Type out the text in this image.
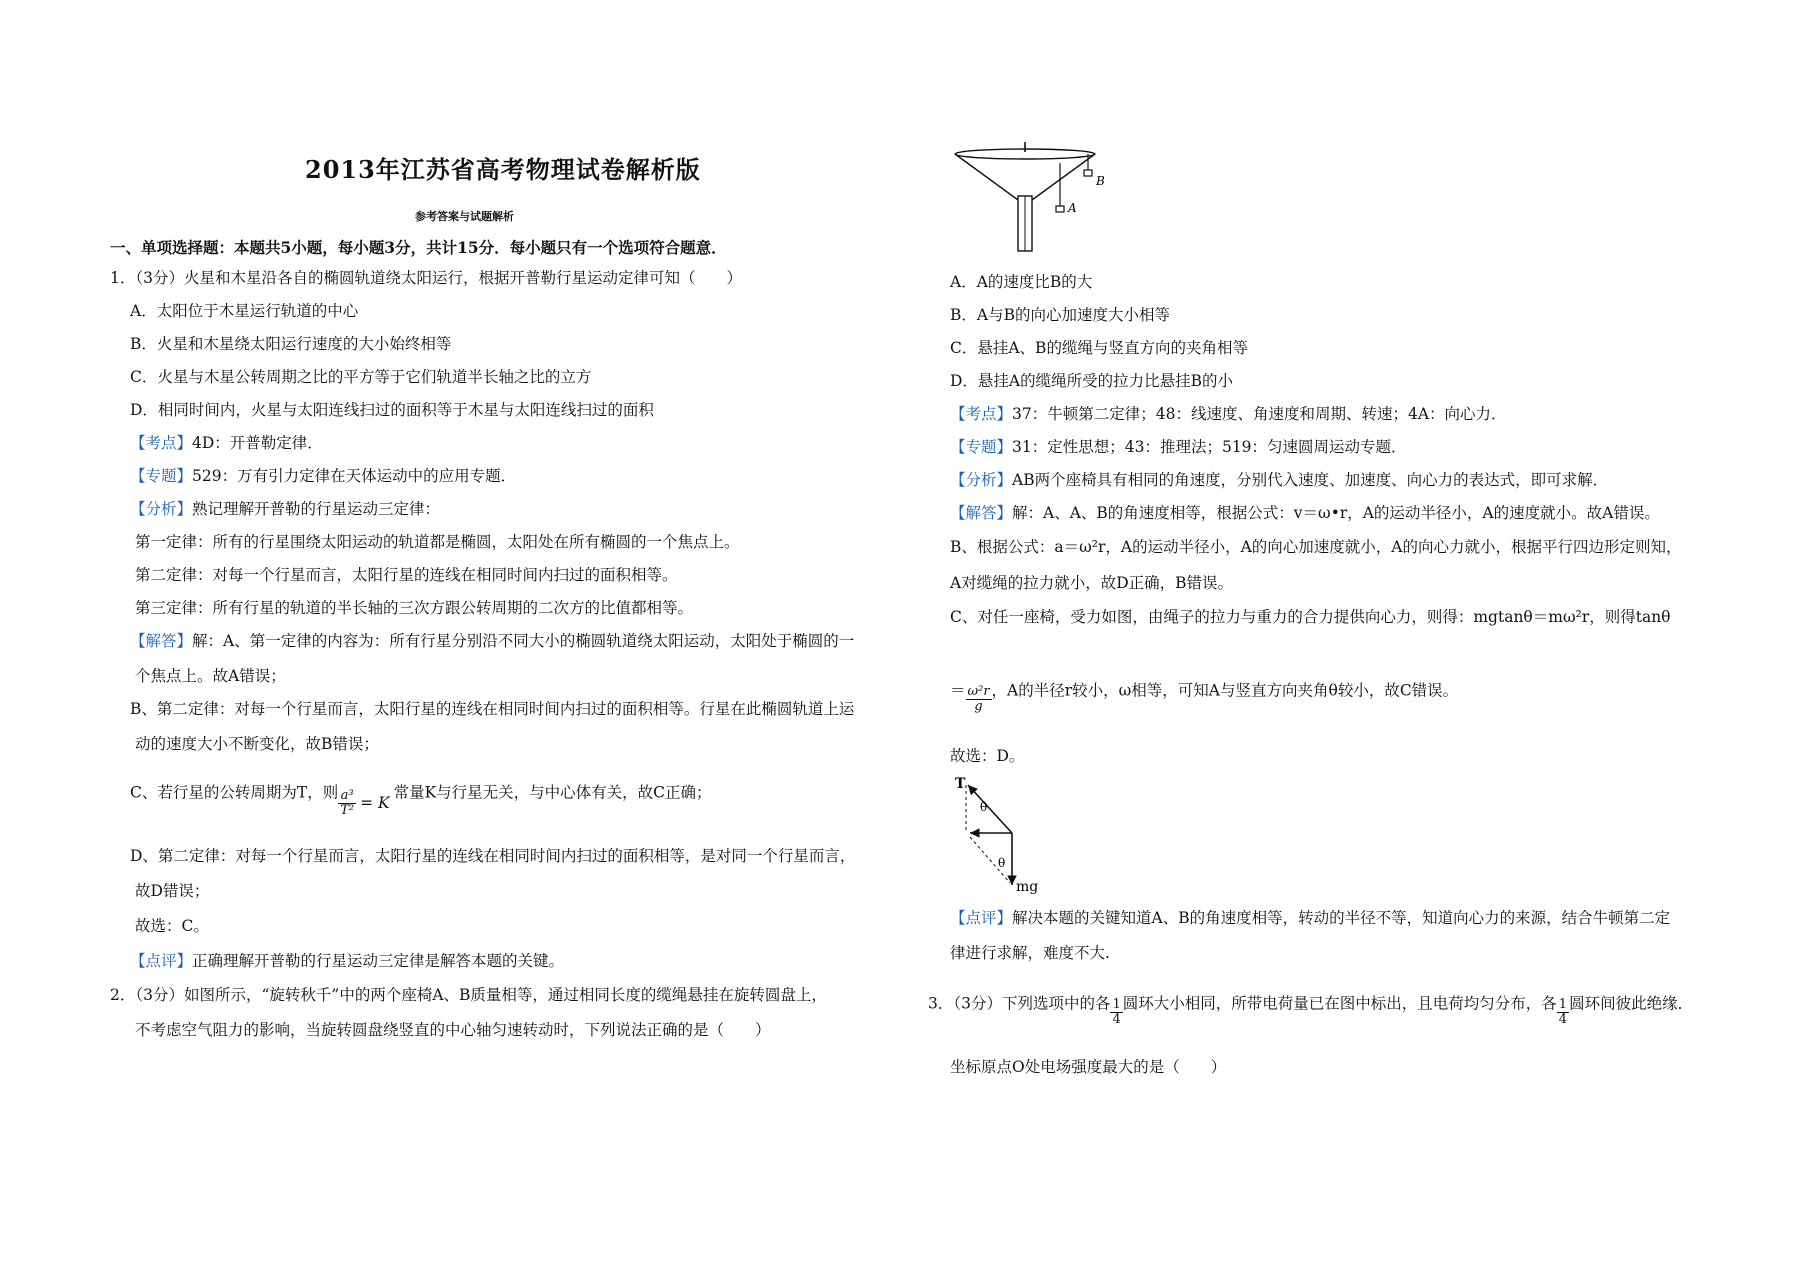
2013年江苏省高考物理试卷解析版
参考答案与试题解析
一、单项选择题：本题共5小题，每小题3分，共计15分．每小题只有一个选项符合题意．
1．（3分）火星和木星沿各自的椭圆轨道绕太阳运行，根据开普勒行星运动定律可知（　　）
A．太阳位于木星运行轨道的中心
B．火星和木星绕太阳运行速度的大小始终相等
C．火星与木星公转周期之比的平方等于它们轨道半长轴之比的立方
D．相同时间内，火星与太阳连线扫过的面积等于木星与太阳连线扫过的面积
【考点】4D：开普勒定律．
【专题】529：万有引力定律在天体运动中的应用专题．
【分析】熟记理解开普勒的行星运动三定律：
第一定律：所有的行星围绕太阳运动的轨道都是椭圆，太阳处在所有椭圆的一个焦点上。
第二定律：对每一个行星而言，太阳行星的连线在相同时间内扫过的面积相等。
第三定律：所有行星的轨道的半长轴的三次方跟公转周期的二次方的比值都相等。
【解答】解：A、第一定律的内容为：所有行星分别沿不同大小的椭圆轨道绕太阳运动，太阳处于椭圆的一
个焦点上。故A错误；
B、第二定律：对每一个行星而言，太阳行星的连线在相同时间内扫过的面积相等。行星在此椭圆轨道上运
动的速度大小不断变化，故B错误；
C、若行星的公转周期为T，则 $\frac{\text{a³}}{\text{T²}} = K$常量K与行星无关，与中心体有关，故C正确；
D、第二定律：对每一个行星而言，太阳行星的连线在相同时间内扫过的面积相等，是对同一个行星而言，
故D错误；
故选：C。
【点评】正确理解开普勒的行星运动三定律是解答本题的关键。
2．（3分）如图所示，“旋转秋千”中的两个座椅A、B质量相等，通过相同长度的缆绳悬挂在旋转圆盘上，
不考虑空气阻力的影响，当旋转圆盘绕竖直的中心轴匀速转动时，下列说法正确的是（　　）
A
B
A．A的速度比B的大
B．A与B的向心加速度大小相等
C．悬挂A、B的缆绳与竖直方向的夹角相等
D．悬挂A的缆绳所受的拉力比悬挂B的小
【考点】37：牛顿第二定律；48：线速度、角速度和周期、转速；4A：向心力．
【专题】31：定性思想；43：推理法；519：匀速圆周运动专题．
【分析】AB两个座椅具有相同的角速度，分别代入速度、加速度、向心力的表达式，即可求解．
【解答】解：A、A、B的角速度相等，根据公式：v＝ω•r，A的运动半径小，A的速度就小。故A错误。
B、根据公式：a＝ω²r，A的运动半径小，A的向心加速度就小，A的向心力就小，根据平行四边形定则知，
A对缆绳的拉力就小，故D正确，B错误。
C、对任一座椅，受力如图，由绳子的拉力与重力的合力提供向心力，则得：mgtanθ＝mω²r，则得tanθ
＝ $\frac{\text{ω²r}}{g}$ ，A的半径r较小，ω相等，可知A与竖直方向夹角θ较小，故C错误。
故选：D。
T
θ
θ
mg
【点评】解决本题的关键知道A、B的角速度相等，转动的半径不等，知道向心力的来源，结合牛顿第二定
律进行求解，难度不大.
3．（3分）下列选项中的各 $\frac{1}{4}$ 圆环大小相同，所带电荷量已在图中标出，且电荷均匀分布，各 $\frac{1}{4}$ 圆环间彼此绝缘．
坐标原点O处电场强度最大的是（　　）
